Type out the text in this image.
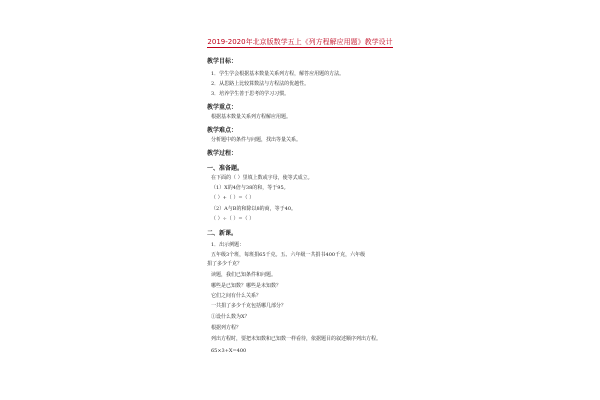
2019-2020年北京版数学五上《列方程解应用题》教学设计
教学目标：
1．学生学会根据基本数量关系列方程，解答应用题的方法。
2．从思路上比较算数法与方程法的优越性。
3．培养学生善于思考的学习习惯。
教学重点：
根据基本数量关系列方程解应用题。
教学难点：
分析题中的条件与问题，找出等量关系。
教学过程：
一、准备题。
在下面的（ ）里填上数或字母，使等式成立。
（1）X的4倍与38的和，等于95。
（ ）+（ ）=（ ）
（2）A与B的和除以8的商，等于40。
（ ）÷（ ）=（ ）
二、新课。
1．出示例题：
五年级3个班，每班捐65千克。五、六年级一共捐书400千克，六年级
捐了多少千克？
读题，我们已知条件和问题。
哪些是已知数？哪些是未知数？
它们之间有什么关系？
一共捐了多少千克包括哪几部分？
①设什么数为X？
根据列方程？
列出方程时，要把未知数和已知数一样看待，依据题目的叙述顺序列出方程。
65×3+X=400
